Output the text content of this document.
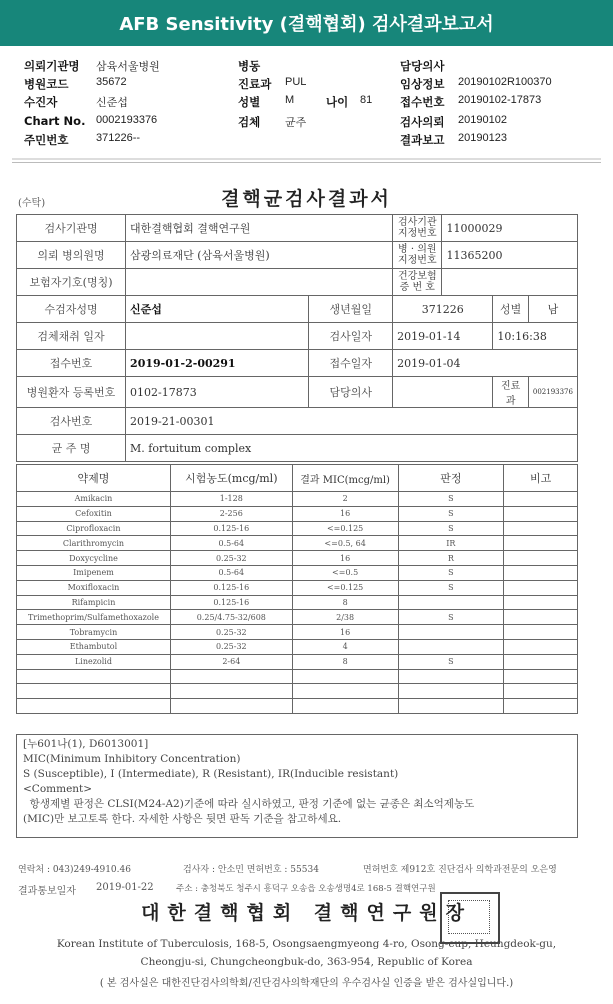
AFB Sensitivity (결핵협회) 검사결과보고서
의뢰기관명 삼육서울병원
병원코드	35672
수진자	신준섭
Chart No. 0002193376
주민번호	371226--
병동
진료과 PUL
성별 M	나이 81
검체 균주
담당의사
임상정보 20190102R100370
접수번호 20190102-17873
검사의뢰 20190102
결과보고 20190123
결핵균검사결과서
(수탁)
검사기관명	대한결핵협회 결핵연구원		검사기관 지정번호	11000029		
의뢰 병의원명	삼광의료재단 (삼육서울병원)		병 · 의원 지정번호	11365200		
보험자기호(명칭)			건강보험 증 번 호			
수검자성명	신준섭	생년월일	371226		성별	남
검체채취 일자		검사일자	2019-01-14		10:16:38	
접수번호	2019-01-2-00291	접수일자	2019-01-04			
병원환자 등록번호	0102-17873	담당의사			진료과	002193376
검사번호	2019-21-00301					
균 주 명	M. fortuitum complex					
약제명	시험농도(mcg/ml)	결과 MIC(mcg/ml)	판정	비고
Amikacin	1-128	2	S	
Cefoxitin	2-256	16	S	
Ciprofloxacin	0.125-16	<=0.125	S	
Clarithromycin	0.5-64	<=0.5, 64	IR	
Doxycycline	0.25-32	16	R	
Imipenem	0.5-64	<=0.5	S	
Moxifloxacin	0.125-16	<=0.125	S	
Rifampicin	0.125-16	8		
Trimethoprim/Sulfamethoxazole	0.25/4.75-32/608	2/38	S	
Tobramycin	0.25-32	16		
Ethambutol	0.25-32	4		
Linezolid	2-64	8	S	

[누601나(1), D6013001]
MIC(Minimum Inhibitory Concentration)
S (Susceptible), I (Intermediate), R (Resistant), IR(Inducible resistant)
<Comment>
항생제별 판정은 CLSI(M24-A2)기준에 따라 실시하였고, 판정 기준에 없는 균종은 최소억제농도
(MIC)만 보고토록 한다. 자세한 사항은 뒷면 판독 기준을 참고하세요.
연락처 : 043)249-4910.46	검사자 : 안소민 면허번호 : 55534	면허번호 제912호 진단검사 의학과전문의 오은영
결과통보일자 2019-01-22	주소 : 충청북도 청주시 흥덕구 오송읍 오송생명4로 168-5 결핵연구원
대한결핵협회 결핵연구원장
Korean Institute of Tuberculosis, 168-5, Osongsaengmyeong 4-ro, Osong-eup, Heungdeok-gu,
Cheongju-si, Chungcheongbuk-do, 363-954, Republic of Korea
( 본 검사실은 대한진단검사의학회/진단검사의학재단의 우수검사실 인증을 받은 검사실입니다.)
